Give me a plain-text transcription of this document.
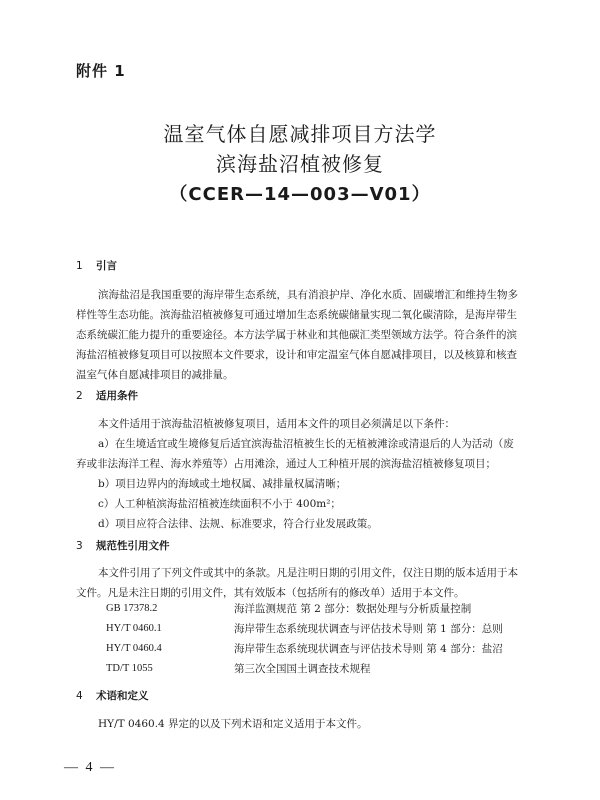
附件 1
温室气体自愿减排项目方法学
滨海盐沼植被修复
（CCER—14—003—V01）
1 引言
滨海盐沼是我国重要的海岸带生态系统，具有消浪护岸、净化水质、固碳增汇和维持生物多
样性等生态功能。滨海盐沼植被修复可通过增加生态系统碳储量实现二氧化碳清除，是海岸带生
态系统碳汇能力提升的重要途径。本方法学属于林业和其他碳汇类型领域方法学。符合条件的滨
海盐沼植被修复项目可以按照本文件要求，设计和审定温室气体自愿减排项目，以及核算和核查
温室气体自愿减排项目的减排量。
2 适用条件
本文件适用于滨海盐沼植被修复项目，适用本文件的项目必须满足以下条件：
a）在生境适宜或生境修复后适宜滨海盐沼植被生长的无植被滩涂或清退后的人为活动（废
弃或非法海洋工程、海水养殖等）占用滩涂，通过人工种植开展的滨海盐沼植被修复项目；
b）项目边界内的海域或土地权属、减排量权属清晰；
c）人工种植滨海盐沼植被连续面积不小于 400m²；
d）项目应符合法律、法规、标准要求，符合行业发展政策。
3 规范性引用文件
本文件引用了下列文件或其中的条款。凡是注明日期的引用文件，仅注日期的版本适用于本
文件。凡是未注日期的引用文件，其有效版本（包括所有的修改单）适用于本文件。
GB 17378.2	海洋监测规范 第 2 部分：数据处理与分析质量控制
HY/T 0460.1	海岸带生态系统现状调查与评估技术导则 第 1 部分：总则
HY/T 0460.4	海岸带生态系统现状调查与评估技术导则 第 4 部分：盐沼
TD/T 1055	第三次全国国土调查技术规程
4 术语和定义
HY/T 0460.4 界定的以及下列术语和定义适用于本文件。
— 4 —
